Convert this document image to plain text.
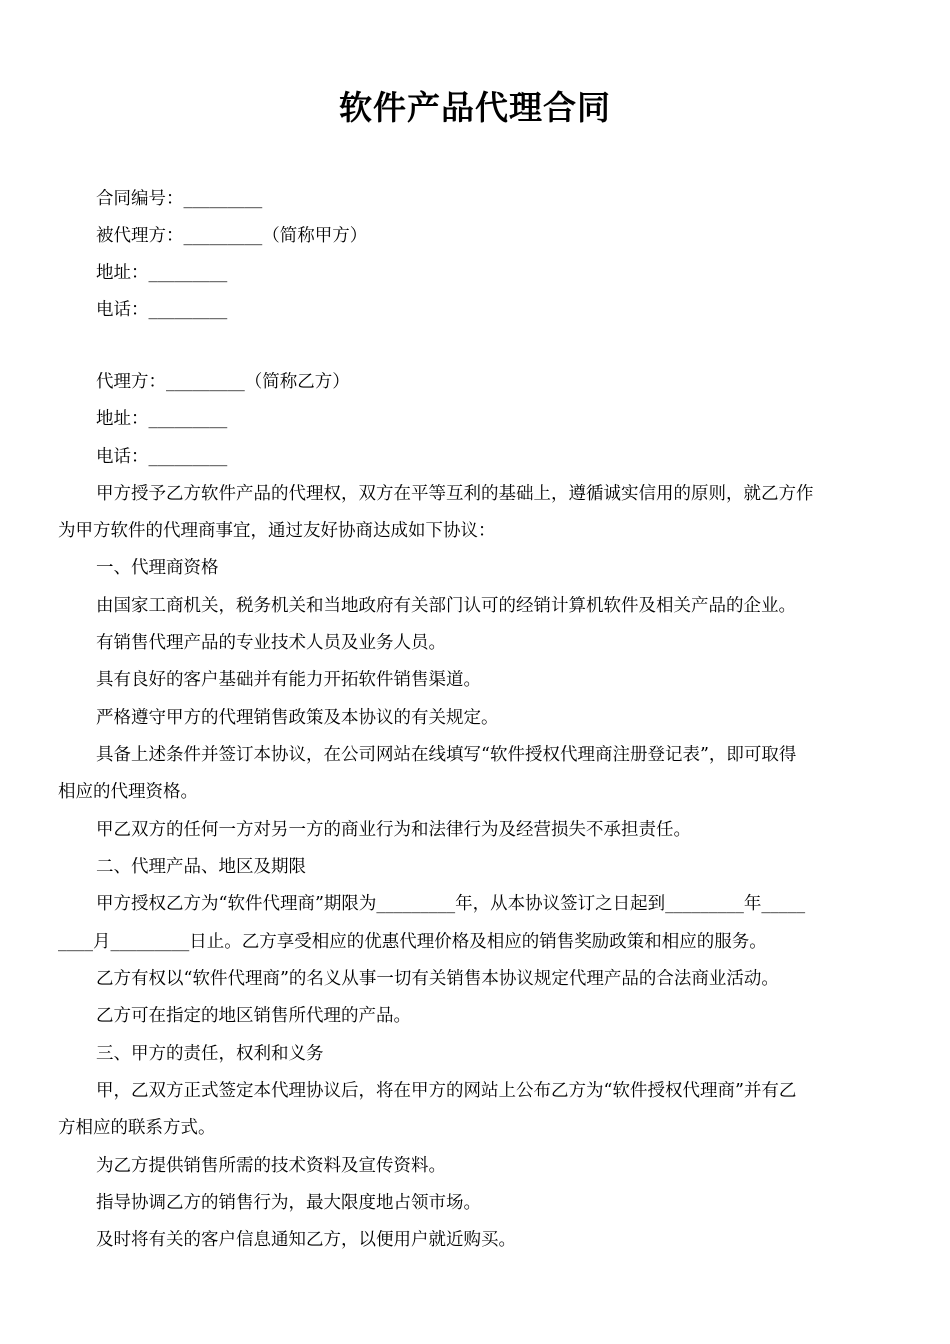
软件产品代理合同
合同编号：_________
被代理方：_________（简称甲方）
地址：_________
电话：_________
代理方：_________（简称乙方）
地址：_________
电话：_________
甲方授予乙方软件产品的代理权，双方在平等互利的基础上，遵循诚实信用的原则，就乙方作
为甲方软件的代理商事宜，通过友好协商达成如下协议：
一、代理商资格
由国家工商机关，税务机关和当地政府有关部门认可的经销计算机软件及相关产品的企业。
有销售代理产品的专业技术人员及业务人员。
具有良好的客户基础并有能力开拓软件销售渠道。
严格遵守甲方的代理销售政策及本协议的有关规定。
具备上述条件并签订本协议，在公司网站在线填写“软件授权代理商注册登记表”，即可取得
相应的代理资格。
甲乙双方的任何一方对另一方的商业行为和法律行为及经营损失不承担责任。
二、代理产品、地区及期限
甲方授权乙方为“软件代理商”期限为_________年，从本协议签订之日起到_________年_____
____月_________日止。乙方享受相应的优惠代理价格及相应的销售奖励政策和相应的服务。
乙方有权以“软件代理商”的名义从事一切有关销售本协议规定代理产品的合法商业活动。
乙方可在指定的地区销售所代理的产品。
三、甲方的责任，权利和义务
甲，乙双方正式签定本代理协议后，将在甲方的网站上公布乙方为“软件授权代理商”并有乙
方相应的联系方式。
为乙方提供销售所需的技术资料及宣传资料。
指导协调乙方的销售行为，最大限度地占领市场。
及时将有关的客户信息通知乙方，以便用户就近购买。
